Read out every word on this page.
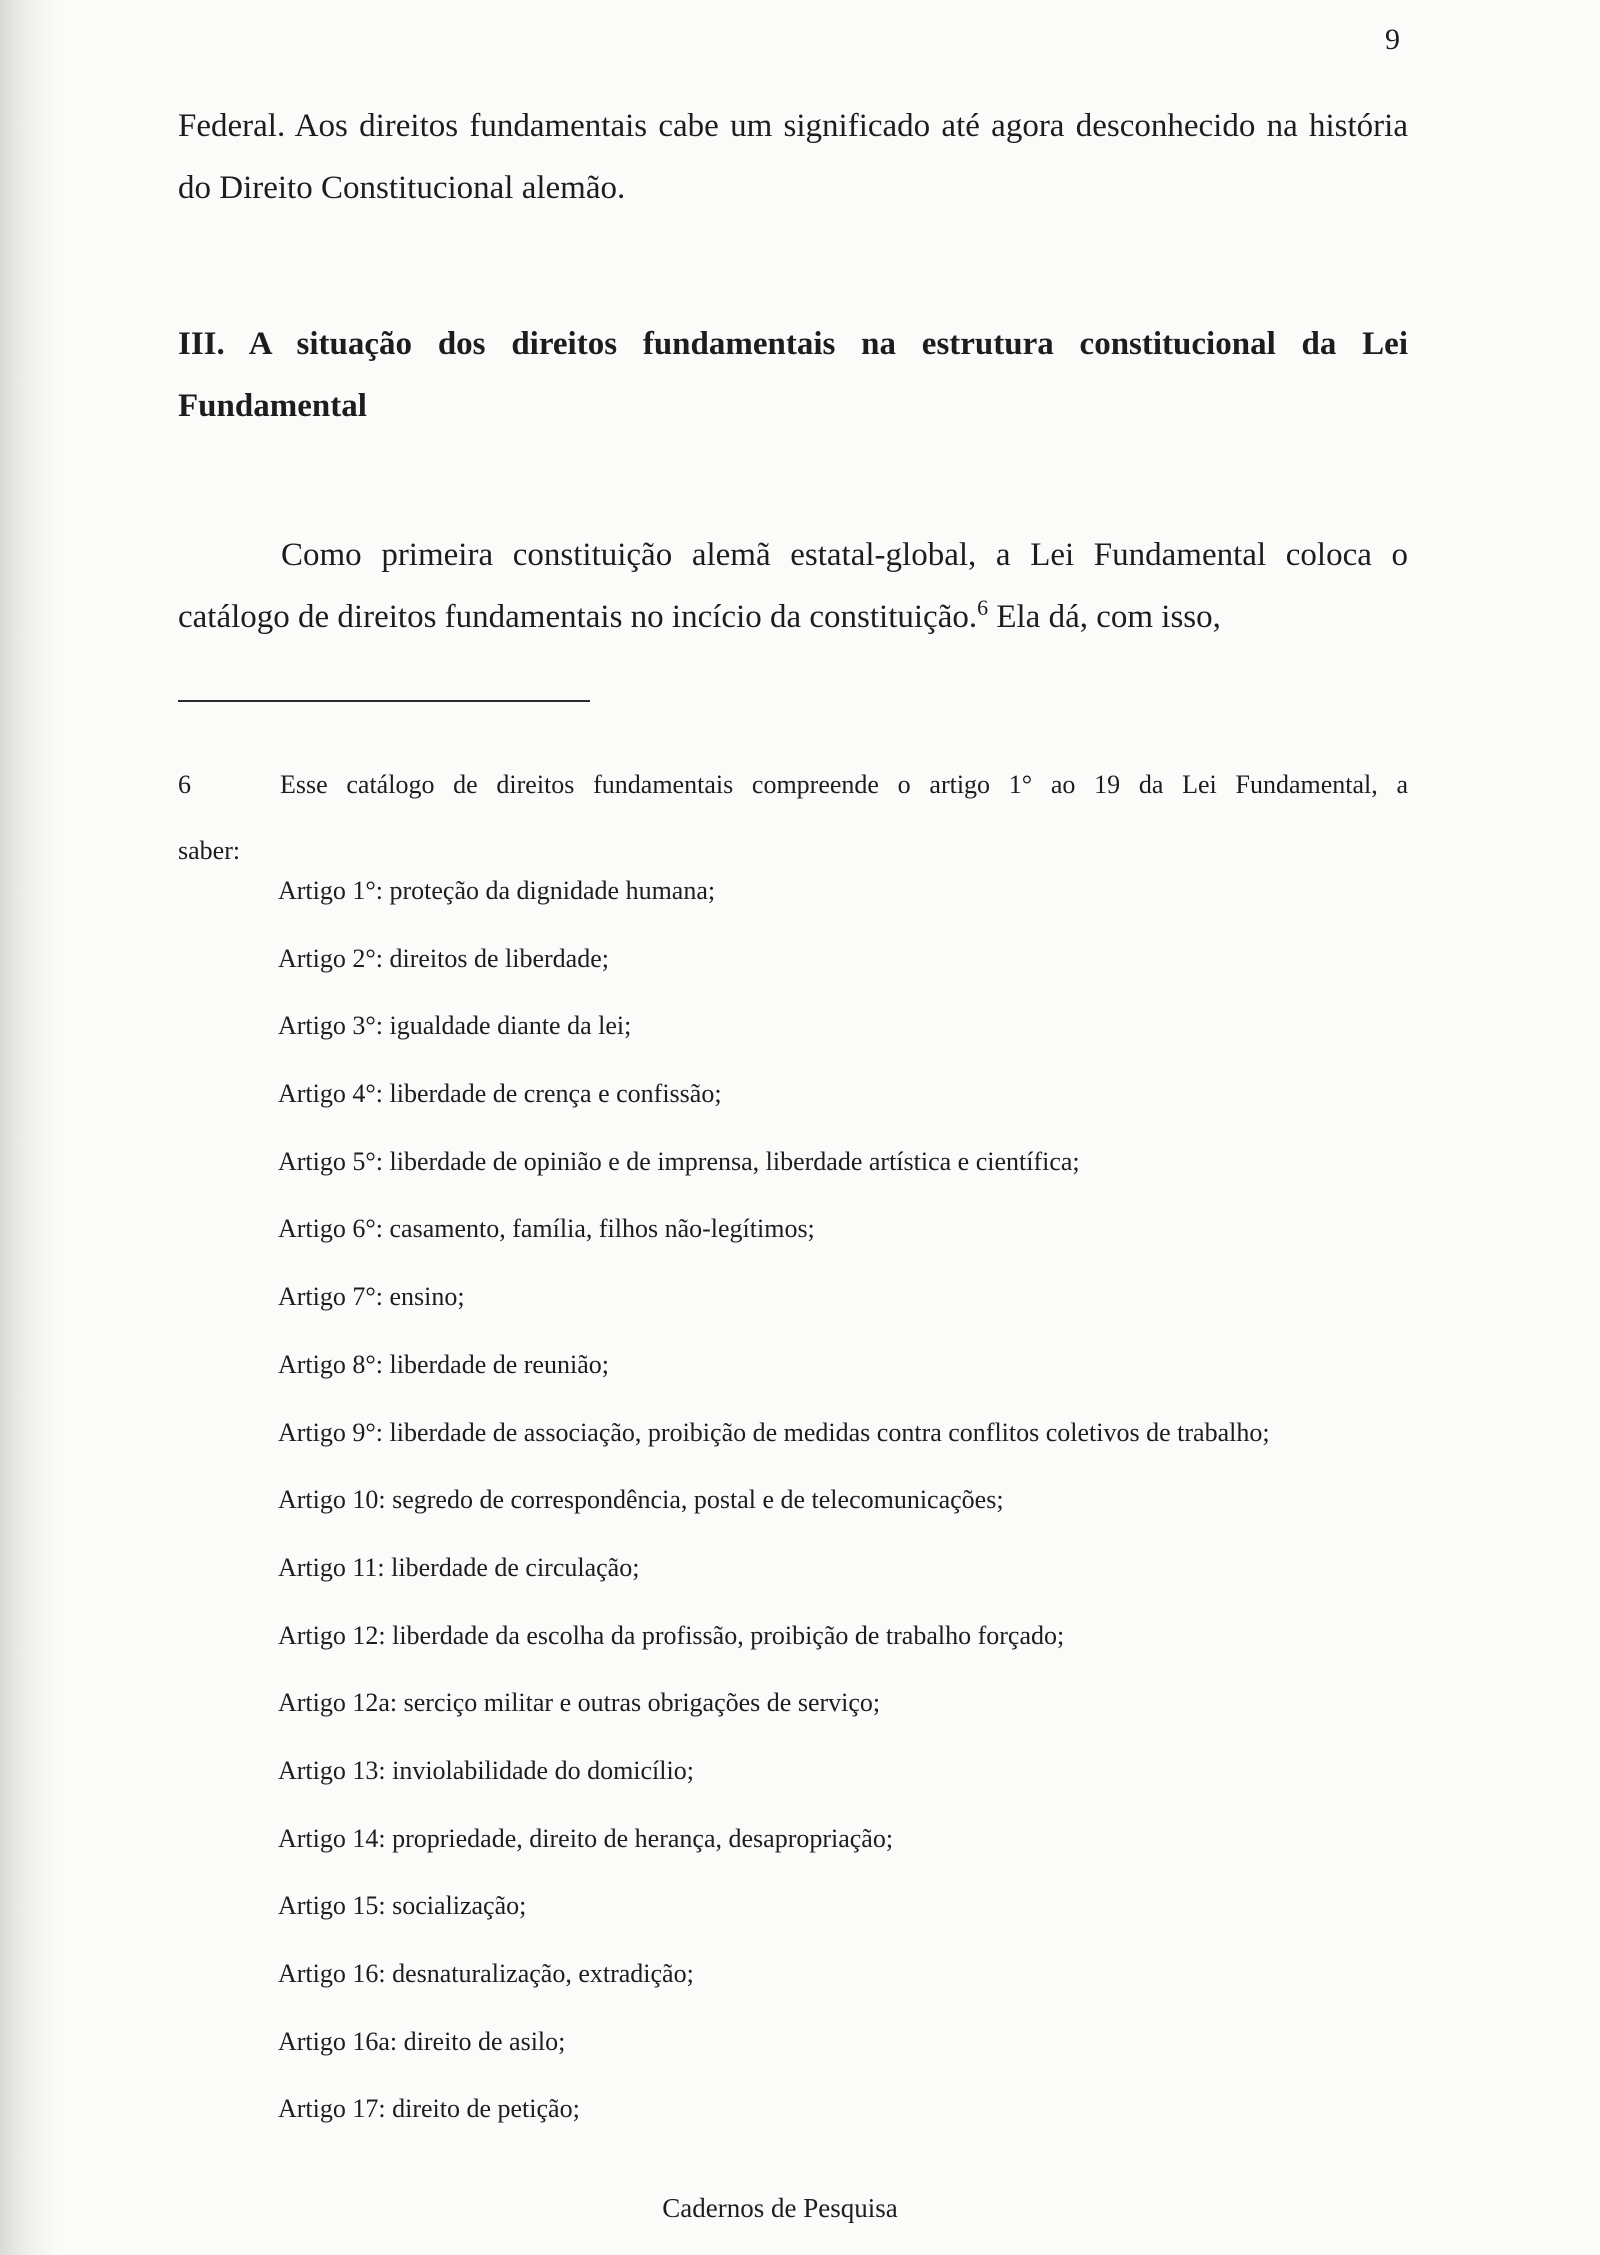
9

Federal. Aos direitos fundamentais cabe um significado até agora desconhecido na história do Direito Constitucional alemão.

III. A situação dos direitos fundamentais na estrutura constitucional da Lei Fundamental

Como primeira constituição alemã estatal-global, a Lei Fundamental coloca o catálogo de direitos fundamentais no incício da constituição.$^6$ Ela dá, com isso,

6	Esse catálogo de direitos fundamentais compreende o artigo 1° ao 19 da Lei Fundamental, a
saber:
Artigo 1°: proteção da dignidade humana;
Artigo 2°: direitos de liberdade;
Artigo 3°: igualdade diante da lei;
Artigo 4°: liberdade de crença e confissão;
Artigo 5°: liberdade de opinião e de imprensa, liberdade artística e científica;
Artigo 6°: casamento, família, filhos não-legítimos;
Artigo 7°: ensino;
Artigo 8°: liberdade de reunião;
Artigo 9°: liberdade de associação, proibição de medidas contra conflitos coletivos de trabalho;
Artigo 10: segredo de correspondência, postal e de telecomunicações;
Artigo 11: liberdade de circulação;
Artigo 12: liberdade da escolha da profissão, proibição de trabalho forçado;
Artigo 12a: serciço militar e outras obrigações de serviço;
Artigo 13: inviolabilidade do domicílio;
Artigo 14: propriedade, direito de herança, desapropriação;
Artigo 15: socialização;
Artigo 16: desnaturalização, extradição;
Artigo 16a: direito de asilo;
Artigo 17: direito de petição;
Cadernos de Pesquisa
